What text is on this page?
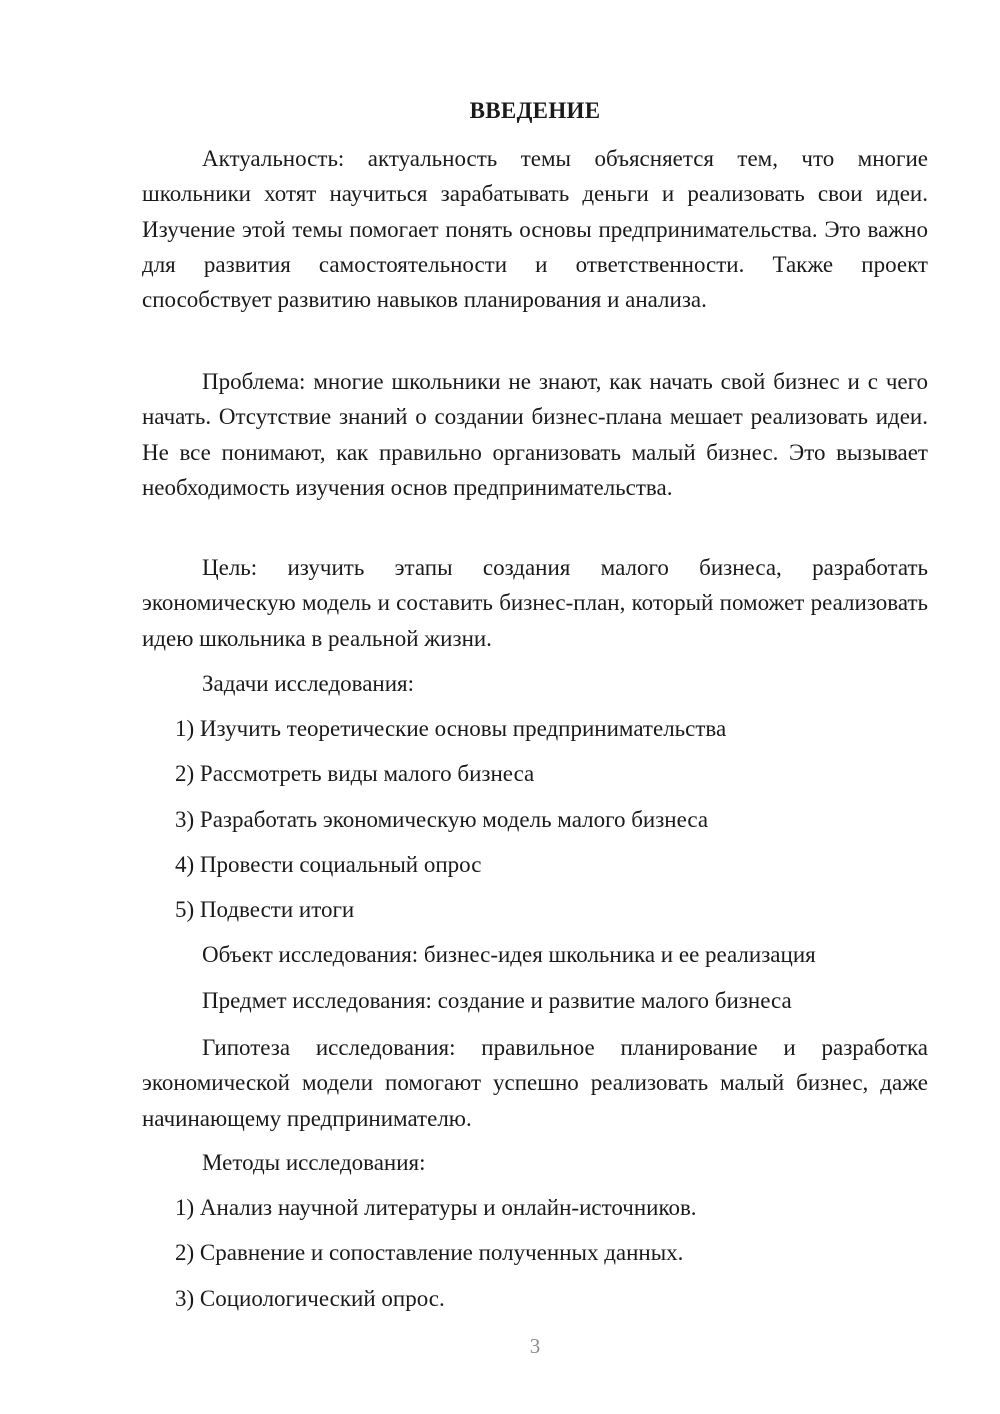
ВВЕДЕНИЕ

Актуальность: актуальность темы объясняется тем, что многие школьники хотят научиться зарабатывать деньги и реализовать свои идеи. Изучение этой темы помогает понять основы предпринимательства. Это важно для развития самостоятельности и ответственности. Также проект способствует развитию навыков планирования и анализа.

Проблема: многие школьники не знают, как начать свой бизнес и с чего начать. Отсутствие знаний о создании бизнес-плана мешает реализовать идеи. Не все понимают, как правильно организовать малый бизнес. Это вызывает необходимость изучения основ предпринимательства.

Цель: изучить этапы создания малого бизнеса, разработать экономическую модель и составить бизнес-план, который поможет реализовать идею школьника в реальной жизни.

Задачи исследования:

1) Изучить теоретические основы предпринимательства

2) Рассмотреть виды малого бизнеса

3) Разработать экономическую модель малого бизнеса

4) Провести социальный опрос

5) Подвести итоги

Объект исследования: бизнес-идея школьника и ее реализация

Предмет исследования: создание и развитие малого бизнеса

Гипотеза исследования: правильное планирование и разработка экономической модели помогают успешно реализовать малый бизнес, даже начинающему предпринимателю.

Методы исследования:

1) Анализ научной литературы и онлайн-источников.

2) Сравнение и сопоставление полученных данных.

3) Социологический опрос.

3
